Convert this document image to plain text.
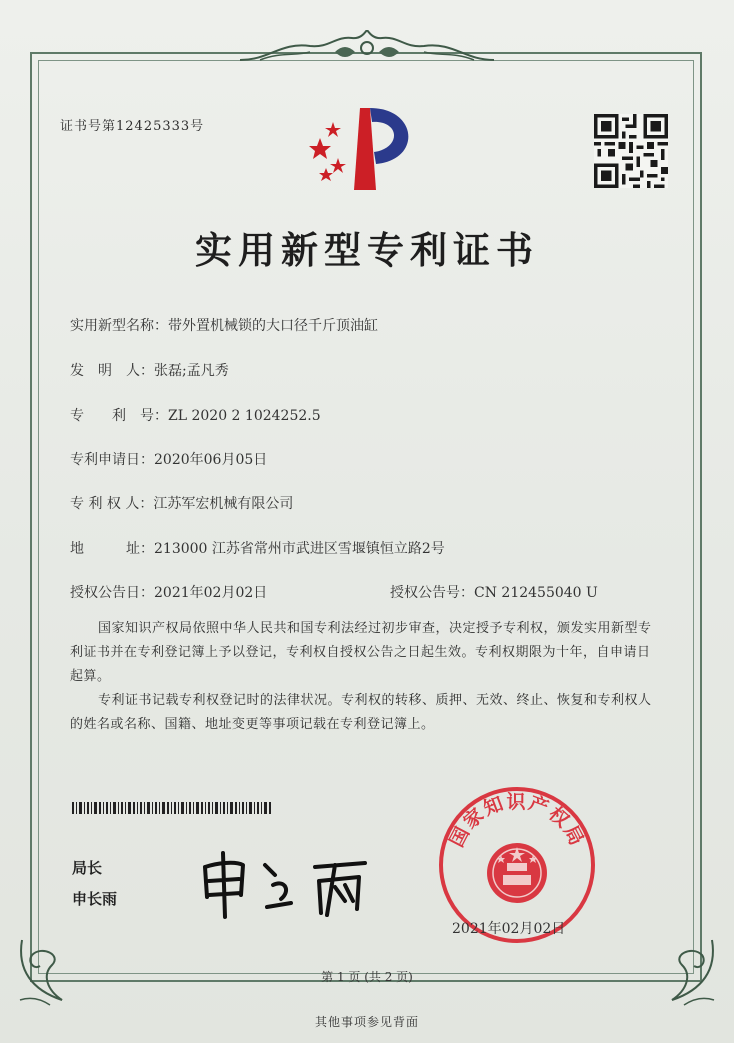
证书号第12425333号
实用新型专利证书
实用新型名称：带外置机械锁的大口径千斤顶油缸
发　明　人：张磊;孟凡秀
专　　利　号：ZL 2020 2 1024252.5
专利申请日：2020年06月05日
专 利 权 人：江苏军宏机械有限公司
地　　　址：213000 江苏省常州市武进区雪堰镇恒立路2号
授权公告日：2021年02月02日	授权公告号：CN 212455040 U
国家知识产权局依照中华人民共和国专利法经过初步审查，决定授予专利权，颁发实用新型专利证书并在专利登记簿上予以登记，专利权自授权公告之日起生效。专利权期限为十年，自申请日起算。
专利证书记载专利权登记时的法律状况。专利权的转移、质押、无效、终止、恢复和专利权人的姓名或名称、国籍、地址变更等事项记载在专利登记簿上。
局长
申长雨
国家知识产权局
2021年02月02日
第 1 页 (共 2 页)
其他事项参见背面
